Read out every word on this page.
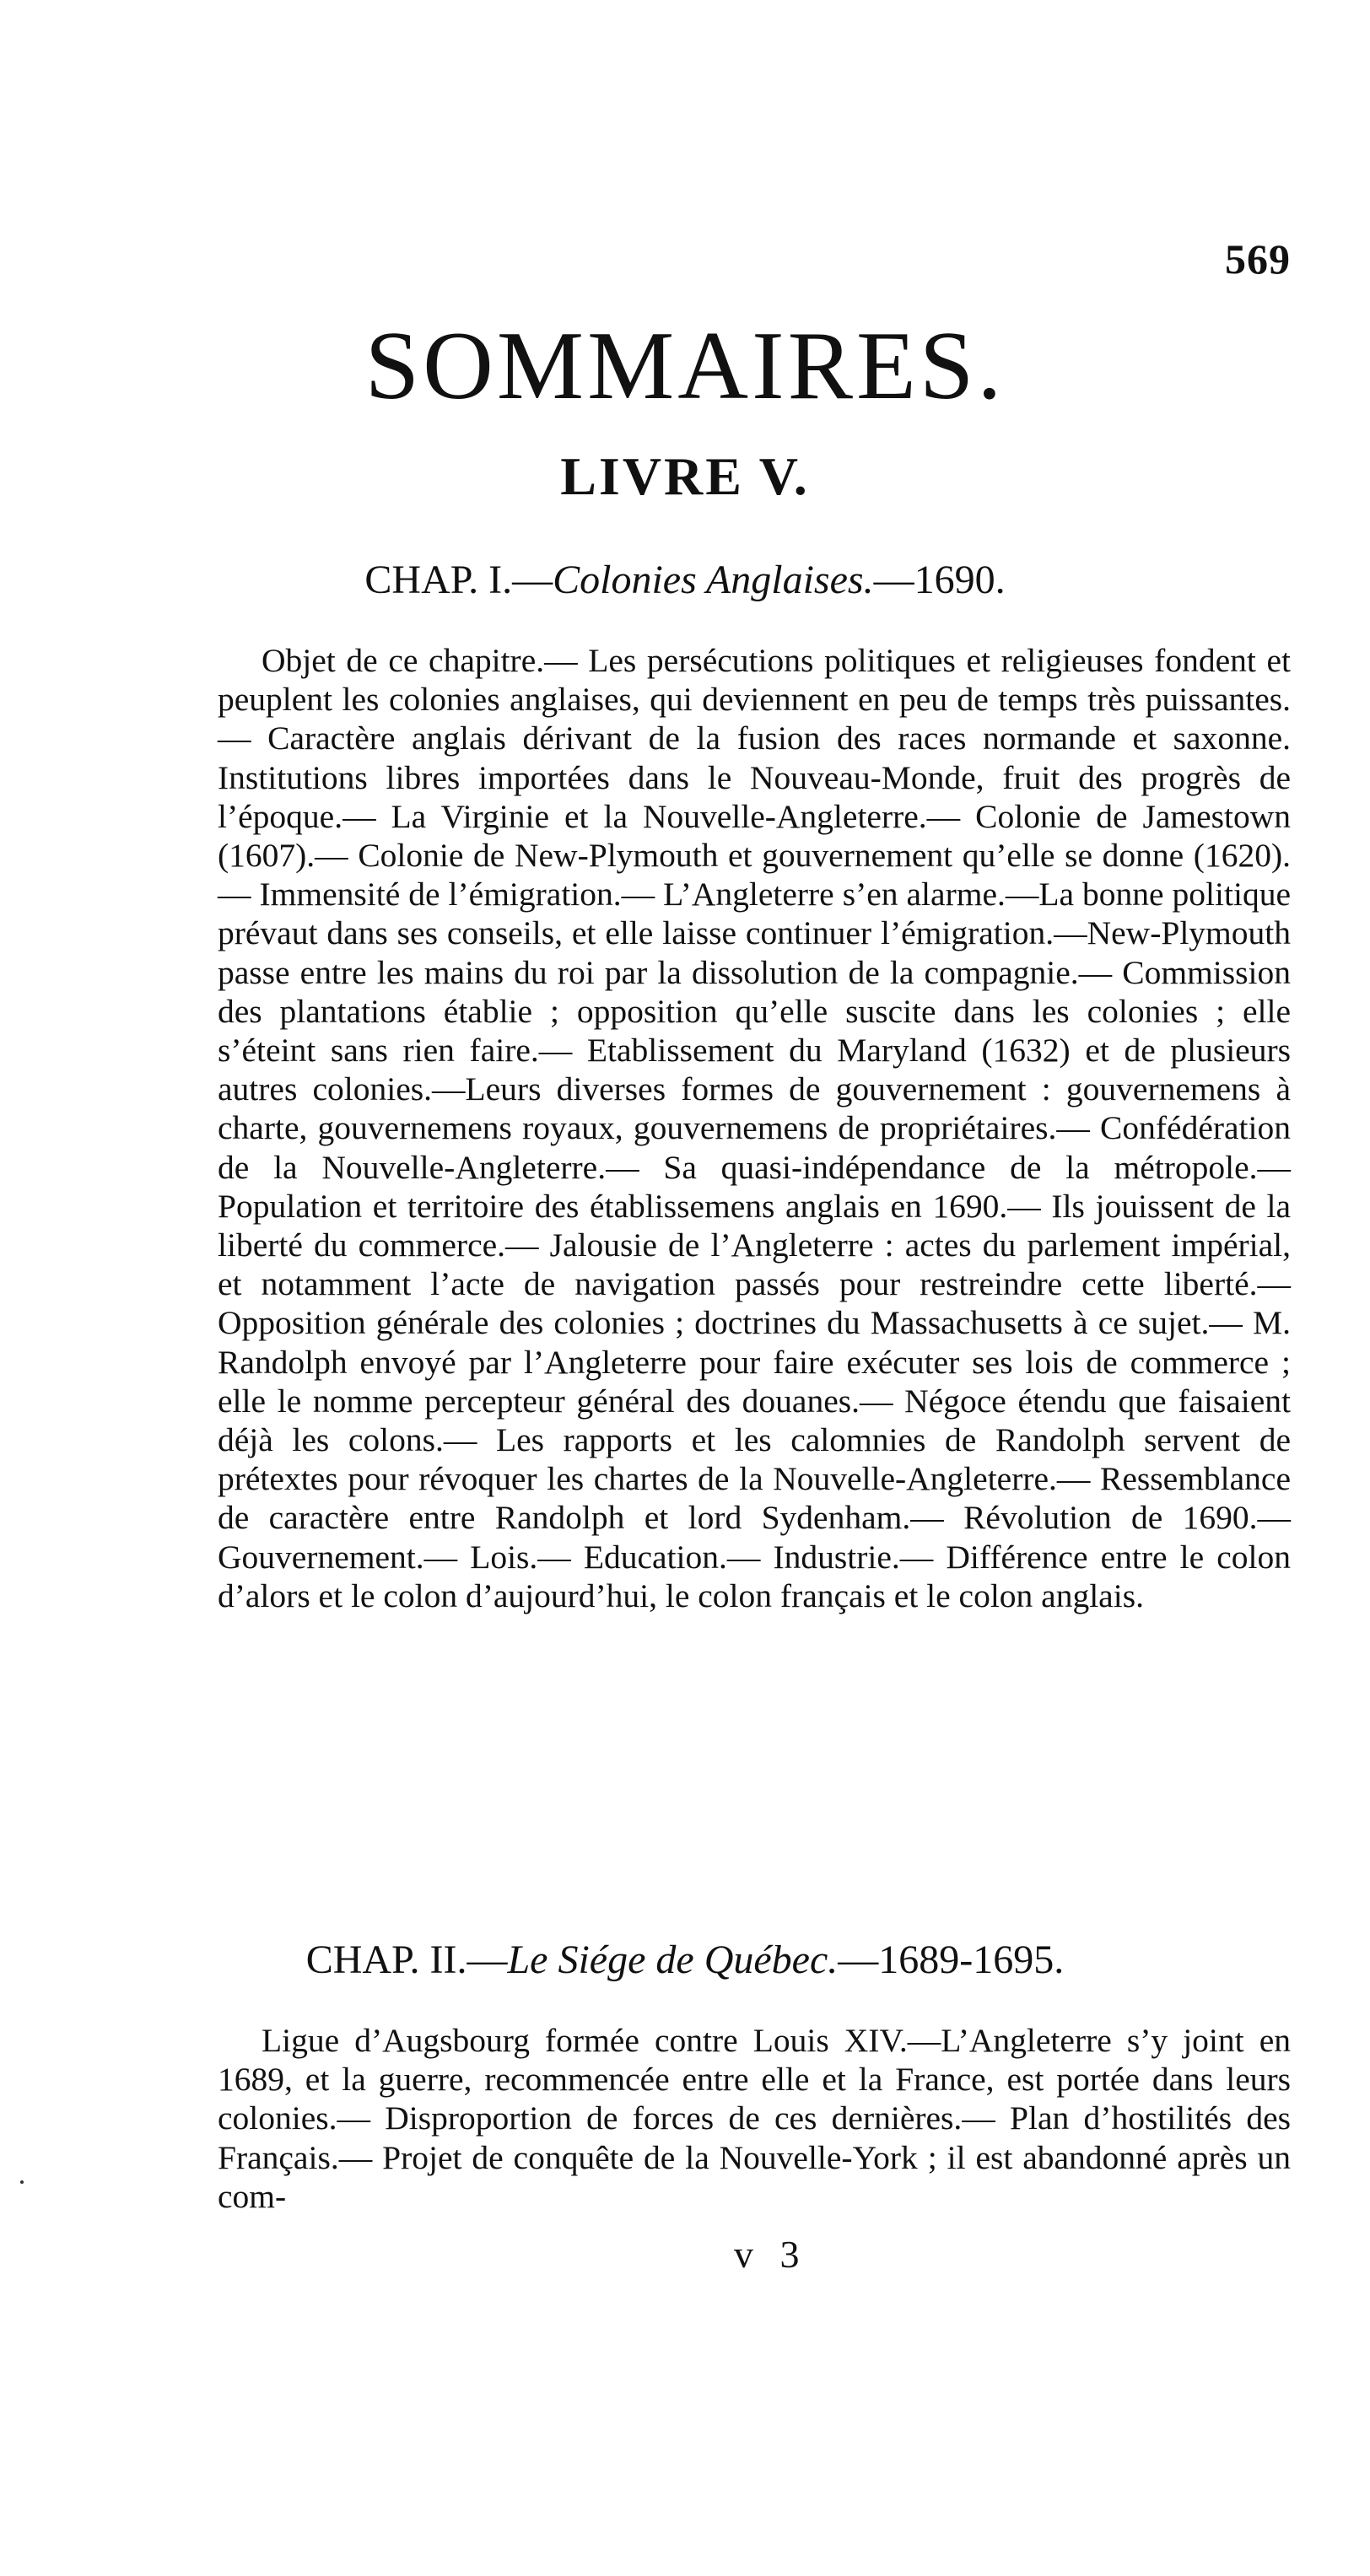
569
SOMMAIRES.
LIVRE V.
CHAP. I.—Colonies Anglaises.—1690.

Objet de ce chapitre.— Les persécutions politiques et religieuses fondent et peuplent les colonies anglaises, qui deviennent en peu de temps très puissantes.— Caractère anglais dérivant de la fusion des races normande et saxonne. Institutions libres importées dans le Nouveau-Monde, fruit des progrès de l’époque.— La Virginie et la Nouvelle-Angleterre.— Colonie de Jamestown (1607).— Colonie de New-Plymouth et gouvernement qu’elle se donne (1620).— Immensité de l’émigration.— L’Angleterre s’en alarme.—La bonne politique prévaut dans ses conseils, et elle laisse continuer l’émigration.—New-Plymouth passe entre les mains du roi par la dissolution de la compagnie.— Commission des plantations établie ; opposition qu’elle suscite dans les colonies ; elle s’éteint sans rien faire.— Etablissement du Maryland (1632) et de plusieurs autres colonies.—Leurs diverses formes de gouvernement : gouvernemens à charte, gouvernemens royaux, gouvernemens de propriétaires.— Confédération de la Nouvelle-Angleterre.— Sa quasi-indépendance de la métropole.— Population et territoire des établissemens anglais en 1690.— Ils jouissent de la liberté du commerce.— Jalousie de l’Angleterre : actes du parlement impérial, et notamment l’acte de navigation passés pour restreindre cette liberté.— Opposition générale des colonies ; doctrines du Massachusetts à ce sujet.— M. Randolph envoyé par l’Angleterre pour faire exécuter ses lois de commerce ; elle le nomme percepteur général des douanes.— Négoce étendu que faisaient déjà les colons.— Les rapports et les calomnies de Randolph servent de prétextes pour révoquer les chartes de la Nouvelle-Angleterre.— Ressemblance de caractère entre Randolph et lord Sydenham.— Révolution de 1690.— Gouvernement.— Lois.— Education.— Industrie.— Différence entre le colon d’alors et le colon d’aujourd’hui, le colon français et le colon anglais.

CHAP. II.—Le Siége de Québec.—1689-1695.

Ligue d’Augsbourg formée contre Louis XIV.—L’Angleterre s’y joint en 1689, et la guerre, recommencée entre elle et la France, est portée dans leurs colonies.— Disproportion de forces de ces dernières.— Plan d’hostilités des Français.— Projet de conquête de la Nouvelle-York ; il est abandonné après un com-

v 3
